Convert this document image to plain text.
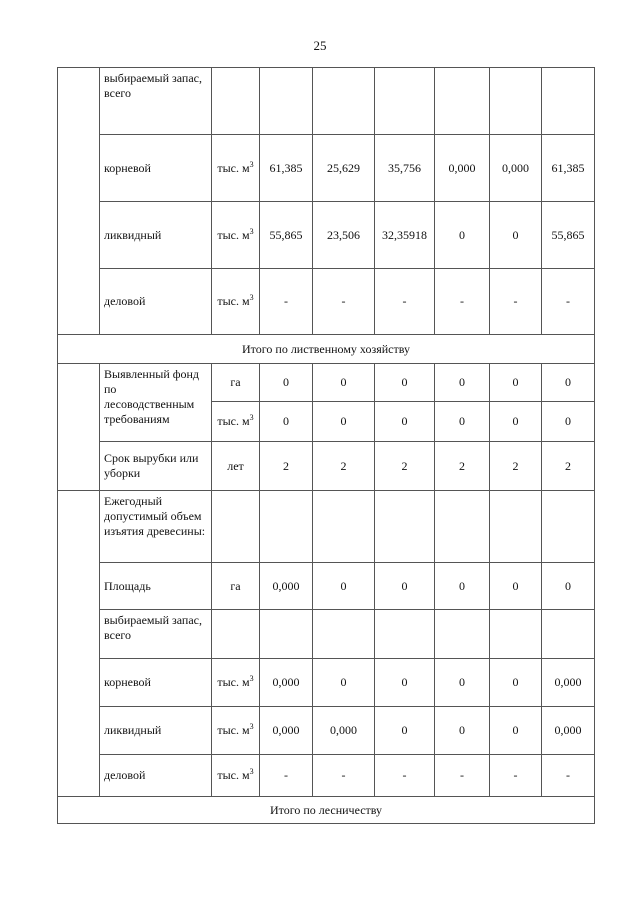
25
	выбираемый запас, всего							
	корневой	тыс. $м^3$	61,385	25,629	35,756	0,000	0,000	61,385
	ликвидный	тыс. $м^3$	55,865	23,506	32,35918	0	0	55,865
	деловой	тыс. $м^3$	-	-	-	-	-	-
Итого по лиственному хозяйству								
	Выявленный фонд по лесоводственным требованиям	га	0	0	0	0	0	0
		тыс. $м^3$	0	0	0	0	0	0
	Срок вырубки или уборки	лет	2	2	2	2	2	2
	Ежегодный допустимый объем изъятия древесины:							
	Площадь	га	0,000	0	0	0	0	0
	выбираемый запас, всего							
	корневой	тыс. $м^3$	0,000	0	0	0	0	0,000
	ликвидный	тыс. $м^3$	0,000	0,000	0	0	0	0,000
	деловой	тыс. $м^3$	-	-	-	-	-	-
Итого по лесничеству								
